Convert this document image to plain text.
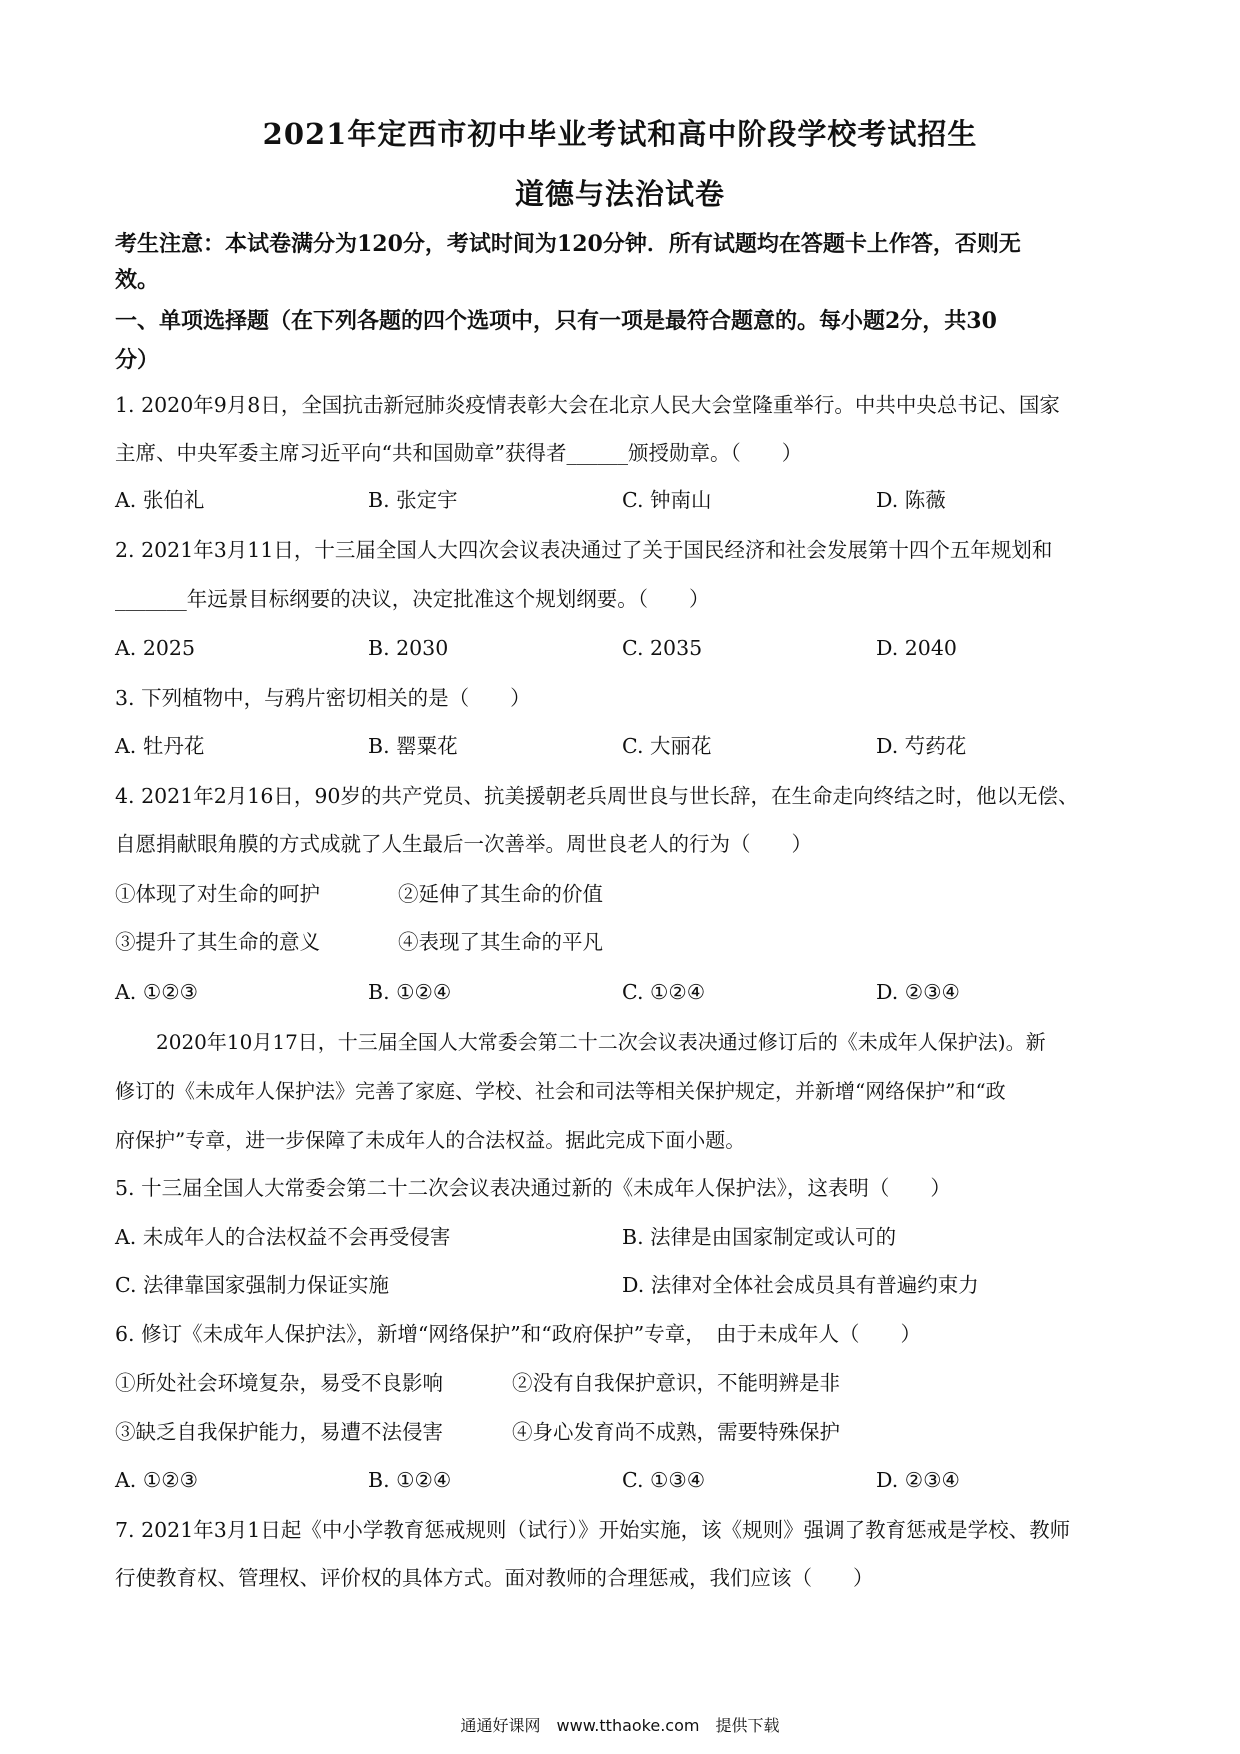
2021年定西市初中毕业考试和高中阶段学校考试招生
道德与法治试卷
考生注意：本试卷满分为120分，考试时间为120分钟．所有试题均在答题卡上作答，否则无
效。
一、单项选择题（在下列各题的四个选项中，只有一项是最符合题意的。每小题2分，共30
分）
1. 2020年9月8日，全国抗击新冠肺炎疫情表彰大会在北京人民大会堂隆重举行。中共中央总书记、国家
主席、中央军委主席习近平向“共和国勋章”获得者______颁授勋章。（　　）
A. 张伯礼	B. 张定宇	C. 钟南山	D. 陈薇
2. 2021年3月11日，十三届全国人大四次会议表决通过了关于国民经济和社会发展第十四个五年规划和
_______年远景目标纲要的决议，决定批准这个规划纲要。（　　）
A. 2025	B. 2030	C. 2035	D. 2040
3. 下列植物中，与鸦片密切相关的是（　　）
A. 牡丹花	B. 罂粟花	C. 大丽花	D. 芍药花
4. 2021年2月16日，90岁的共产党员、抗美援朝老兵周世良与世长辞，在生命走向终结之时，他以无偿、
自愿捐献眼角膜的方式成就了人生最后一次善举。周世良老人的行为（　　）
①体现了对生命的呵护	②延伸了其生命的价值
③提升了其生命的意义	④表现了其生命的平凡
A. ①②③	B. ①②④	C. ①②④	D. ②③④
2020年10月17日，十三届全国人大常委会第二十二次会议表决通过修订后的《未成年人保护法)。新
修订的《未成年人保护法》完善了家庭、学校、社会和司法等相关保护规定，并新增“网络保护”和“政
府保护”专章，进一步保障了未成年人的合法权益。据此完成下面小题。
5. 十三届全国人大常委会第二十二次会议表决通过新的《未成年人保护法》，这表明（　　）
A. 未成年人的合法权益不会再受侵害	B. 法律是由国家制定或认可的
C. 法律靠国家强制力保证实施	D. 法律对全体社会成员具有普遍约束力
6. 修订《未成年人保护法》，新增“网络保护”和“政府保护”专章，　由于未成年人（　　）
①所处社会环境复杂，易受不良影响	②没有自我保护意识，不能明辨是非
③缺乏自我保护能力，易遭不法侵害	④身心发育尚不成熟，需要特殊保护
A. ①②③	B. ①②④	C. ①③④	D. ②③④
7. 2021年3月1日起《中小学教育惩戒规则（试行）》开始实施，该《规则》强调了教育惩戒是学校、教师
行使教育权、管理权、评价权的具体方式。面对教师的合理惩戒，我们应该（　　）
通通好课网　www.tthaoke.com　提供下载
